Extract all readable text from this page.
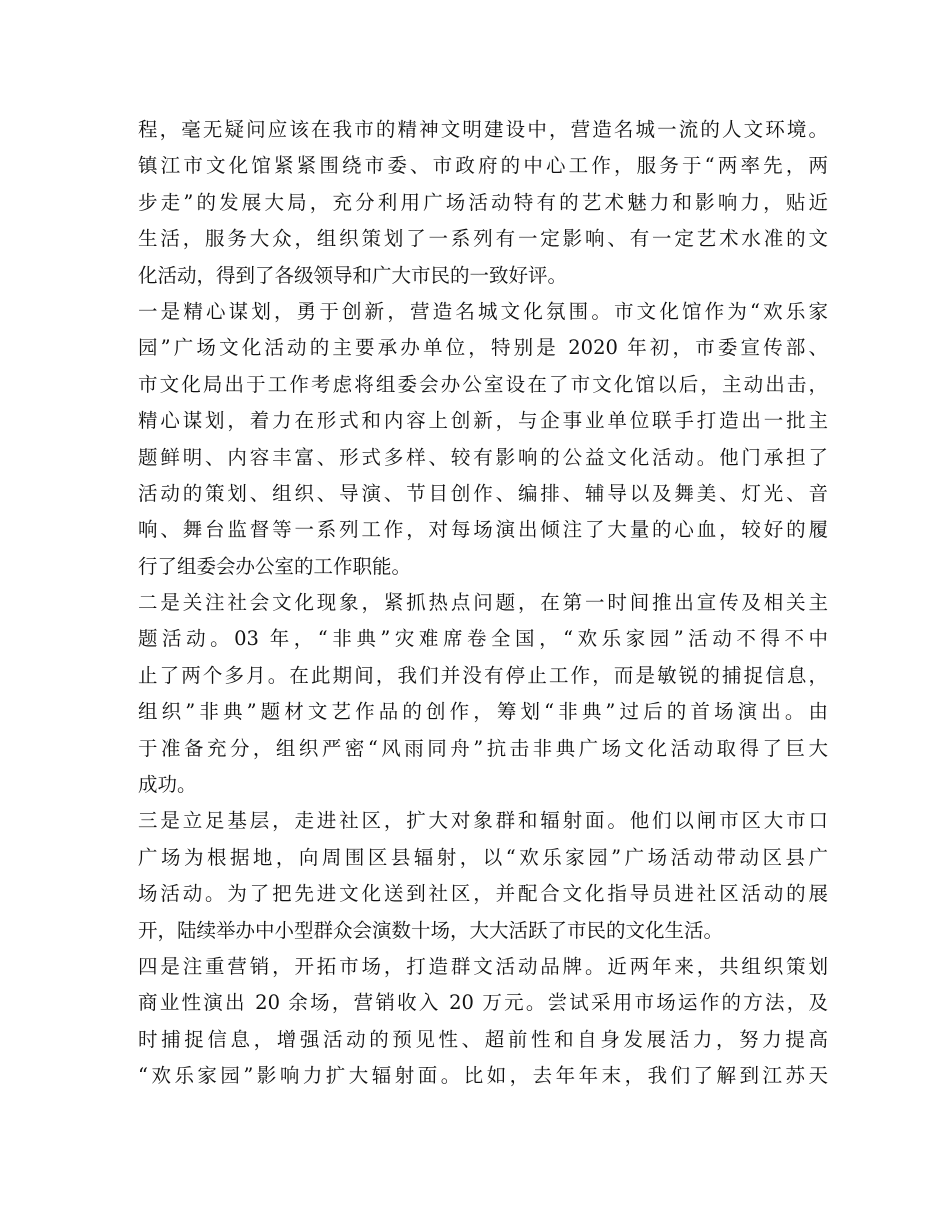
程，毫无疑问应该在我市的精神文明建设中，营造名城一流的人文环境。
镇江市文化馆紧紧围绕市委、市政府的中心工作，服务于“两率先，两
步走”的发展大局，充分利用广场活动特有的艺术魅力和影响力，贴近
生活，服务大众，组织策划了一系列有一定影响、有一定艺术水准的文
化活动，得到了各级领导和广大市民的一致好评。
一是精心谋划，勇于创新，营造名城文化氛围。市文化馆作为“欢乐家
园”广场文化活动的主要承办单位，特别是 2020 年初，市委宣传部、
市文化局出于工作考虑将组委会办公室设在了市文化馆以后，主动出击，
精心谋划，着力在形式和内容上创新，与企事业单位联手打造出一批主
题鲜明、内容丰富、形式多样、较有影响的公益文化活动。他门承担了
活动的策划、组织、导演、节目创作、编排、辅导以及舞美、灯光、音
响、舞台监督等一系列工作，对每场演出倾注了大量的心血，较好的履
行了组委会办公室的工作职能。
二是关注社会文化现象，紧抓热点问题，在第一时间推出宣传及相关主
题活动。03 年，“非典”灾难席卷全国，“欢乐家园”活动不得不中
止了两个多月。在此期间，我们并没有停止工作，而是敏锐的捕捉信息，
组织”非典”题材文艺作品的创作，筹划“非典”过后的首场演出。由
于准备充分，组织严密“风雨同舟”抗击非典广场文化活动取得了巨大
成功。
三是立足基层，走进社区，扩大对象群和辐射面。他们以闸市区大市口
广场为根据地，向周围区县辐射，以“欢乐家园”广场活动带动区县广
场活动。为了把先进文化送到社区，并配合文化指导员进社区活动的展
开，陆续举办中小型群众会演数十场，大大活跃了市民的文化生活。
四是注重营销，开拓市场，打造群文活动品牌。近两年来，共组织策划
商业性演出 20 余场，营销收入 20 万元。尝试采用市场运作的方法，及
时捕捉信息，增强活动的预见性、超前性和自身发展活力，努力提高
“欢乐家园”影响力扩大辐射面。比如，去年年末，我们了解到江苏天
